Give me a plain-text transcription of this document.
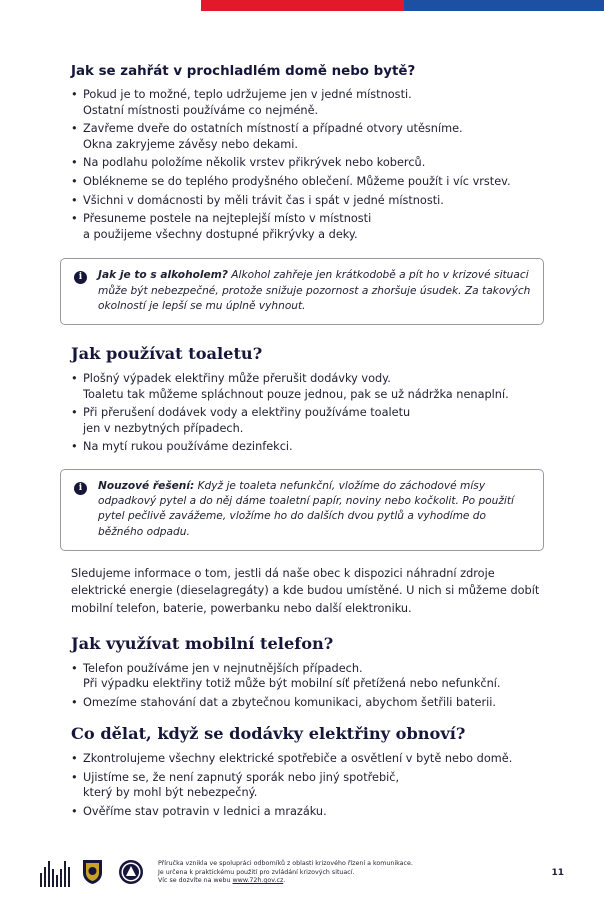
Jak se zahřát v prochladlém domě nebo bytě?
• Pokud je to možné, teplo udržujeme jen v jedné místnosti.
Ostatní místnosti používáme co nejméně.
• Zavřeme dveře do ostatních místností a případné otvory utěsníme.
Okna zakryjeme závěsy nebo dekami.
• Na podlahu položíme několik vrstev přikrývek nebo koberců.
• Oblékneme se do teplého prodyšného oblečení. Můžeme použít i víc vrstev.
• Všichni v domácnosti by měli trávit čas i spát v jedné místnosti.
• Přesuneme postele na nejteplejší místo v místnosti
a použijeme všechny dostupné přikrývky a deky.
i	Jak je to s alkoholem? Alkohol zahřeje jen krátkodobě a pít ho v krizové situaci může být nebezpečné, protože snižuje pozornost a zhoršuje úsudek. Za takových okolností je lepší se mu úplně vyhnout.
Jak používat toaletu?
• Plošný výpadek elektřiny může přerušit dodávky vody.
Toaletu tak můžeme spláchnout pouze jednou, pak se už nádržka nenaplní.
• Při přerušení dodávek vody a elektřiny používáme toaletu
jen v nezbytných případech.
• Na mytí rukou používáme dezinfekci.
i	Nouzové řešení: Když je toaleta nefunkční, vložíme do záchodové mísy odpadkový pytel a do něj dáme toaletní papír, noviny nebo kočkolit. Po použití pytel pečlivě zavážeme, vložíme ho do dalších dvou pytlů a vyhodíme do běžného odpadu.

Sledujeme informace o tom, jestli dá naše obec k dispozici náhradní zdroje elektrické energie (dieselagregáty) a kde budou umístěné. U nich si můžeme dobít mobilní telefon, baterie, powerbanku nebo další elektroniku.

Jak využívat mobilní telefon?
• Telefon používáme jen v nejnutnějších případech.
Při výpadku elektřiny totiž může být mobilní síť přetížená nebo nefunkční.
• Omezíme stahování dat a zbytečnou komunikaci, abychom šetřili baterii.
Co dělat, když se dodávky elektřiny obnoví?
• Zkontrolujeme všechny elektrické spotřebiče a osvětlení v bytě nebo domě.
• Ujistíme se, že není zapnutý sporák nebo jiný spotřebič,
který by mohl být nebezpečný.
• Ověříme stav potravin v lednici a mrazáku.
Příručka vznikla ve spolupráci odborníků z oblasti krizového řízení a komunikace.
Je určena k praktickému použití pro zvládání krizových situací.
Víc se dozvíte na webu www.72h.gov.cz.
11
